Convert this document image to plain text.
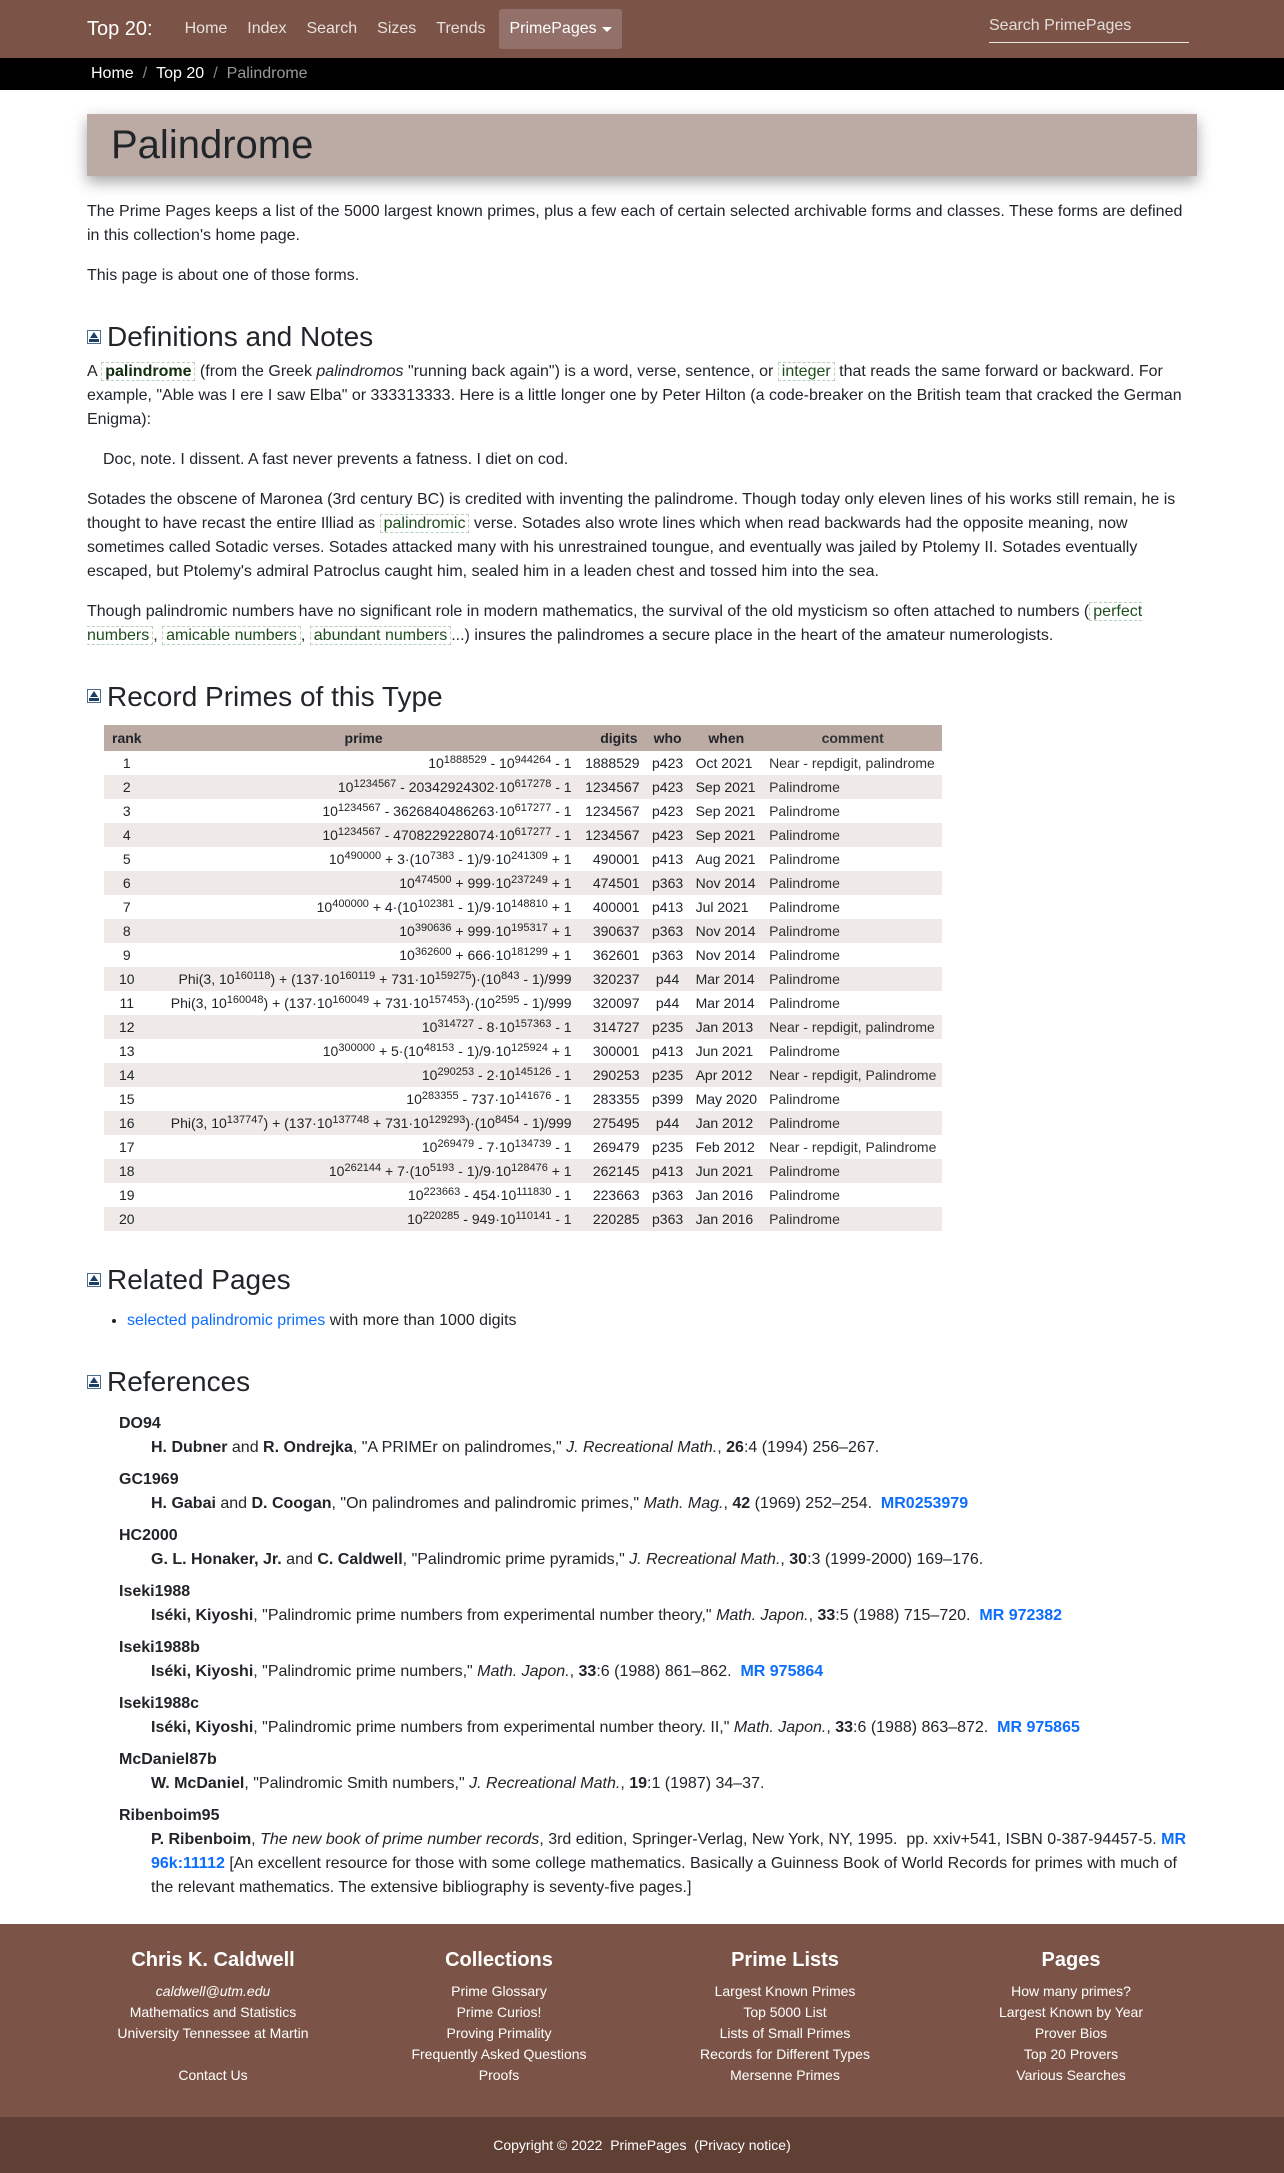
Top 20:	Home	Index	Search	Sizes	Trends	PrimePages
Search PrimePages
Home / Top 20 / Palindrome
Palindrome

The Prime Pages keeps a list of the 5000 largest known primes, plus a few each of certain selected archivable forms and classes. These forms are defined in this collection's home page.

This page is about one of those forms.

Definitions and Notes

A palindrome (from the Greek palindromos "running back again") is a word, verse, sentence, or integer that reads the same forward or backward. For example, "Able was I ere I saw Elba" or 333313333. Here is a little longer one by Peter Hilton (a code-breaker on the British team that cracked the German Enigma):

Doc, note. I dissent. A fast never prevents a fatness. I diet on cod.

Sotades the obscene of Maronea (3rd century BC) is credited with inventing the palindrome. Though today only eleven lines of his works still remain, he is thought to have recast the entire Illiad as palindromic verse. Sotades also wrote lines which when read backwards had the opposite meaning, now sometimes called Sotadic verses. Sotades attacked many with his unrestrained toungue, and eventually was jailed by Ptolemy II. Sotades eventually escaped, but Ptolemy's admiral Patroclus caught him, sealed him in a leaden chest and tossed him into the sea.

Though palindromic numbers have no significant role in modern mathematics, the survival of the old mysticism so often attached to numbers ( perfect numbers , amicable numbers , abundant numbers ...) insures the palindromes a secure place in the heart of the amateur numerologists.

Record Primes of this Type
rank	prime	digits	who	when	comment
1	$10^{1888529} - 10^{944264} - 1$	1888529	p423	Oct 2021	Near - repdigit, palindrome
2	$10^{1234567} - 20342924302\cdot 10^{617278} - 1$	1234567	p423	Sep 2021	Palindrome
3	$10^{1234567} - 3626840486263\cdot 10^{617277} - 1$	1234567	p423	Sep 2021	Palindrome
4	$10^{1234567} - 4708229228074\cdot 10^{617277} - 1$	1234567	p423	Sep 2021	Palindrome
5	$10^{490000} + 3\cdot(10^{7383} - 1)/9\cdot 10^{241309} + 1$	490001	p413	Aug 2021	Palindrome
6	$10^{474500} + 999\cdot 10^{237249} + 1$	474501	p363	Nov 2014	Palindrome
7	$10^{400000} + 4\cdot(10^{102381} - 1)/9\cdot 10^{148810} + 1$	400001	p413	Jul 2021	Palindrome
8	$10^{390636} + 999\cdot 10^{195317} + 1$	390637	p363	Nov 2014	Palindrome
9	$10^{362600} + 666\cdot 10^{181299} + 1$	362601	p363	Nov 2014	Palindrome
10	Phi(3, $10^{160118}) + (137\cdot 10^{160119} + 731\cdot 10^{159275})\cdot(10^{843} - 1)/999$	320237	p44	Mar 2014	Palindrome
11	Phi(3, $10^{160048}) + (137\cdot 10^{160049} + 731\cdot 10^{157453})\cdot(10^{2595} - 1)/999$	320097	p44	Mar 2014	Palindrome
12	$10^{314727} - 8\cdot 10^{157363} - 1$	314727	p235	Jan 2013	Near - repdigit, palindrome
13	$10^{300000} + 5\cdot(10^{48153} - 1)/9\cdot 10^{125924} + 1$	300001	p413	Jun 2021	Palindrome
14	$10^{290253} - 2\cdot 10^{145126} - 1$	290253	p235	Apr 2012	Near - repdigit, Palindrome
15	$10^{283355} - 737\cdot 10^{141676} - 1$	283355	p399	May 2020	Palindrome
16	Phi(3, $10^{137747}) + (137\cdot 10^{137748} + 731\cdot 10^{129293})\cdot(10^{8454} - 1)/999$	275495	p44	Jan 2012	Palindrome
17	$10^{269479} - 7\cdot 10^{134739} - 1$	269479	p235	Feb 2012	Near - repdigit, Palindrome
18	$10^{262144} + 7\cdot(10^{5193} - 1)/9\cdot 10^{128476} + 1$	262145	p413	Jun 2021	Palindrome
19	$10^{223663} - 454\cdot 10^{111830} - 1$	223663	p363	Jan 2016	Palindrome
20	$10^{220285} - 949\cdot 10^{110141} - 1$	220285	p363	Jan 2016	Palindrome
Related Pages
• selected palindromic primes with more than 1000 digits
References
DO94
H. Dubner and R. Ondrejka, "A PRIMEr on palindromes," J. Recreational Math., 26:4 (1994) 256–267.
GC1969
H. Gabai and D. Coogan, "On palindromes and palindromic primes," Math. Mag., 42 (1969) 252–254.  MR0253979
HC2000
G. L. Honaker, Jr. and C. Caldwell, "Palindromic prime pyramids," J. Recreational Math., 30:3 (1999-2000) 169–176.
Iseki1988
Iséki, Kiyoshi, "Palindromic prime numbers from experimental number theory," Math. Japon., 33:5 (1988) 715–720.  MR 972382
Iseki1988b
Iséki, Kiyoshi, "Palindromic prime numbers," Math. Japon., 33:6 (1988) 861–862.  MR 975864
Iseki1988c
Iséki, Kiyoshi, "Palindromic prime numbers from experimental number theory. II," Math. Japon., 33:6 (1988) 863–872.  MR 975865
McDaniel87b
W. McDaniel, "Palindromic Smith numbers," J. Recreational Math., 19:1 (1987) 34–37.
Ribenboim95
P. Ribenboim, The new book of prime number records, 3rd edition, Springer-Verlag, New York, NY, 1995.  pp. xxiv+541, ISBN 0-387-94457-5. MR 96k:11112 [An excellent resource for those with some college mathematics. Basically a Guinness Book of World Records for primes with much of the relevant mathematics. The extensive bibliography is seventy-five pages.]
Chris K. Caldwell
caldwell@utm.edu
Mathematics and Statistics
University Tennessee at Martin
Contact Us
Collections
Prime Glossary
Prime Curios!
Proving Primality
Frequently Asked Questions
Proofs
Prime Lists
Largest Known Primes
Top 5000 List
Lists of Small Primes
Records for Different Types
Mersenne Primes
Pages
How many primes?
Largest Known by Year
Prover Bios
Top 20 Provers
Various Searches
Copyright © 2022
PrimePages ( Privacy notice )
